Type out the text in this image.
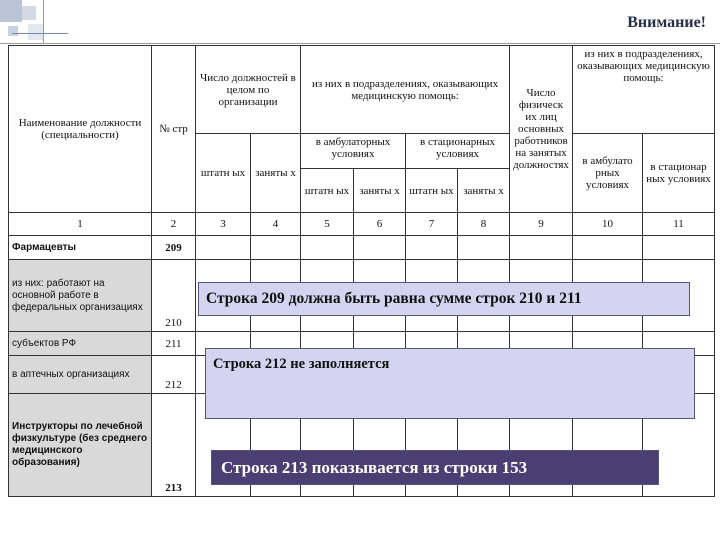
Внимание!
Наименование должности (специальности)	№ стр	Число должностей в целом по организации		из них в подразделениях, оказывающих медицинскую помощь:				Число физическ их лиц основных работников на занятых должностях	из них в подразделениях, оказывающих медицинскую помощь:	
		штатн ых	заняты х	в амбулаторных условиях		в стационарных условиях			в амбулато рных условиях	в стационар ных условиях
				штатн ых	заняты х	штатн ых	заняты х			
1	2	3	4	5	6	7	8	9	10	11
Фармацевты	209									
из них: работают на основной работе в федеральных организациях	210									
субъектов РФ	211									
в аптечных организациях	212									
Инструкторы по лечебной физкультуре (без среднего медицинского образования)	213									
Строка 209 должна быть равна сумме строк 210 и 211
Строка 212 не заполняется
Строка 213 показывается из строки 153
